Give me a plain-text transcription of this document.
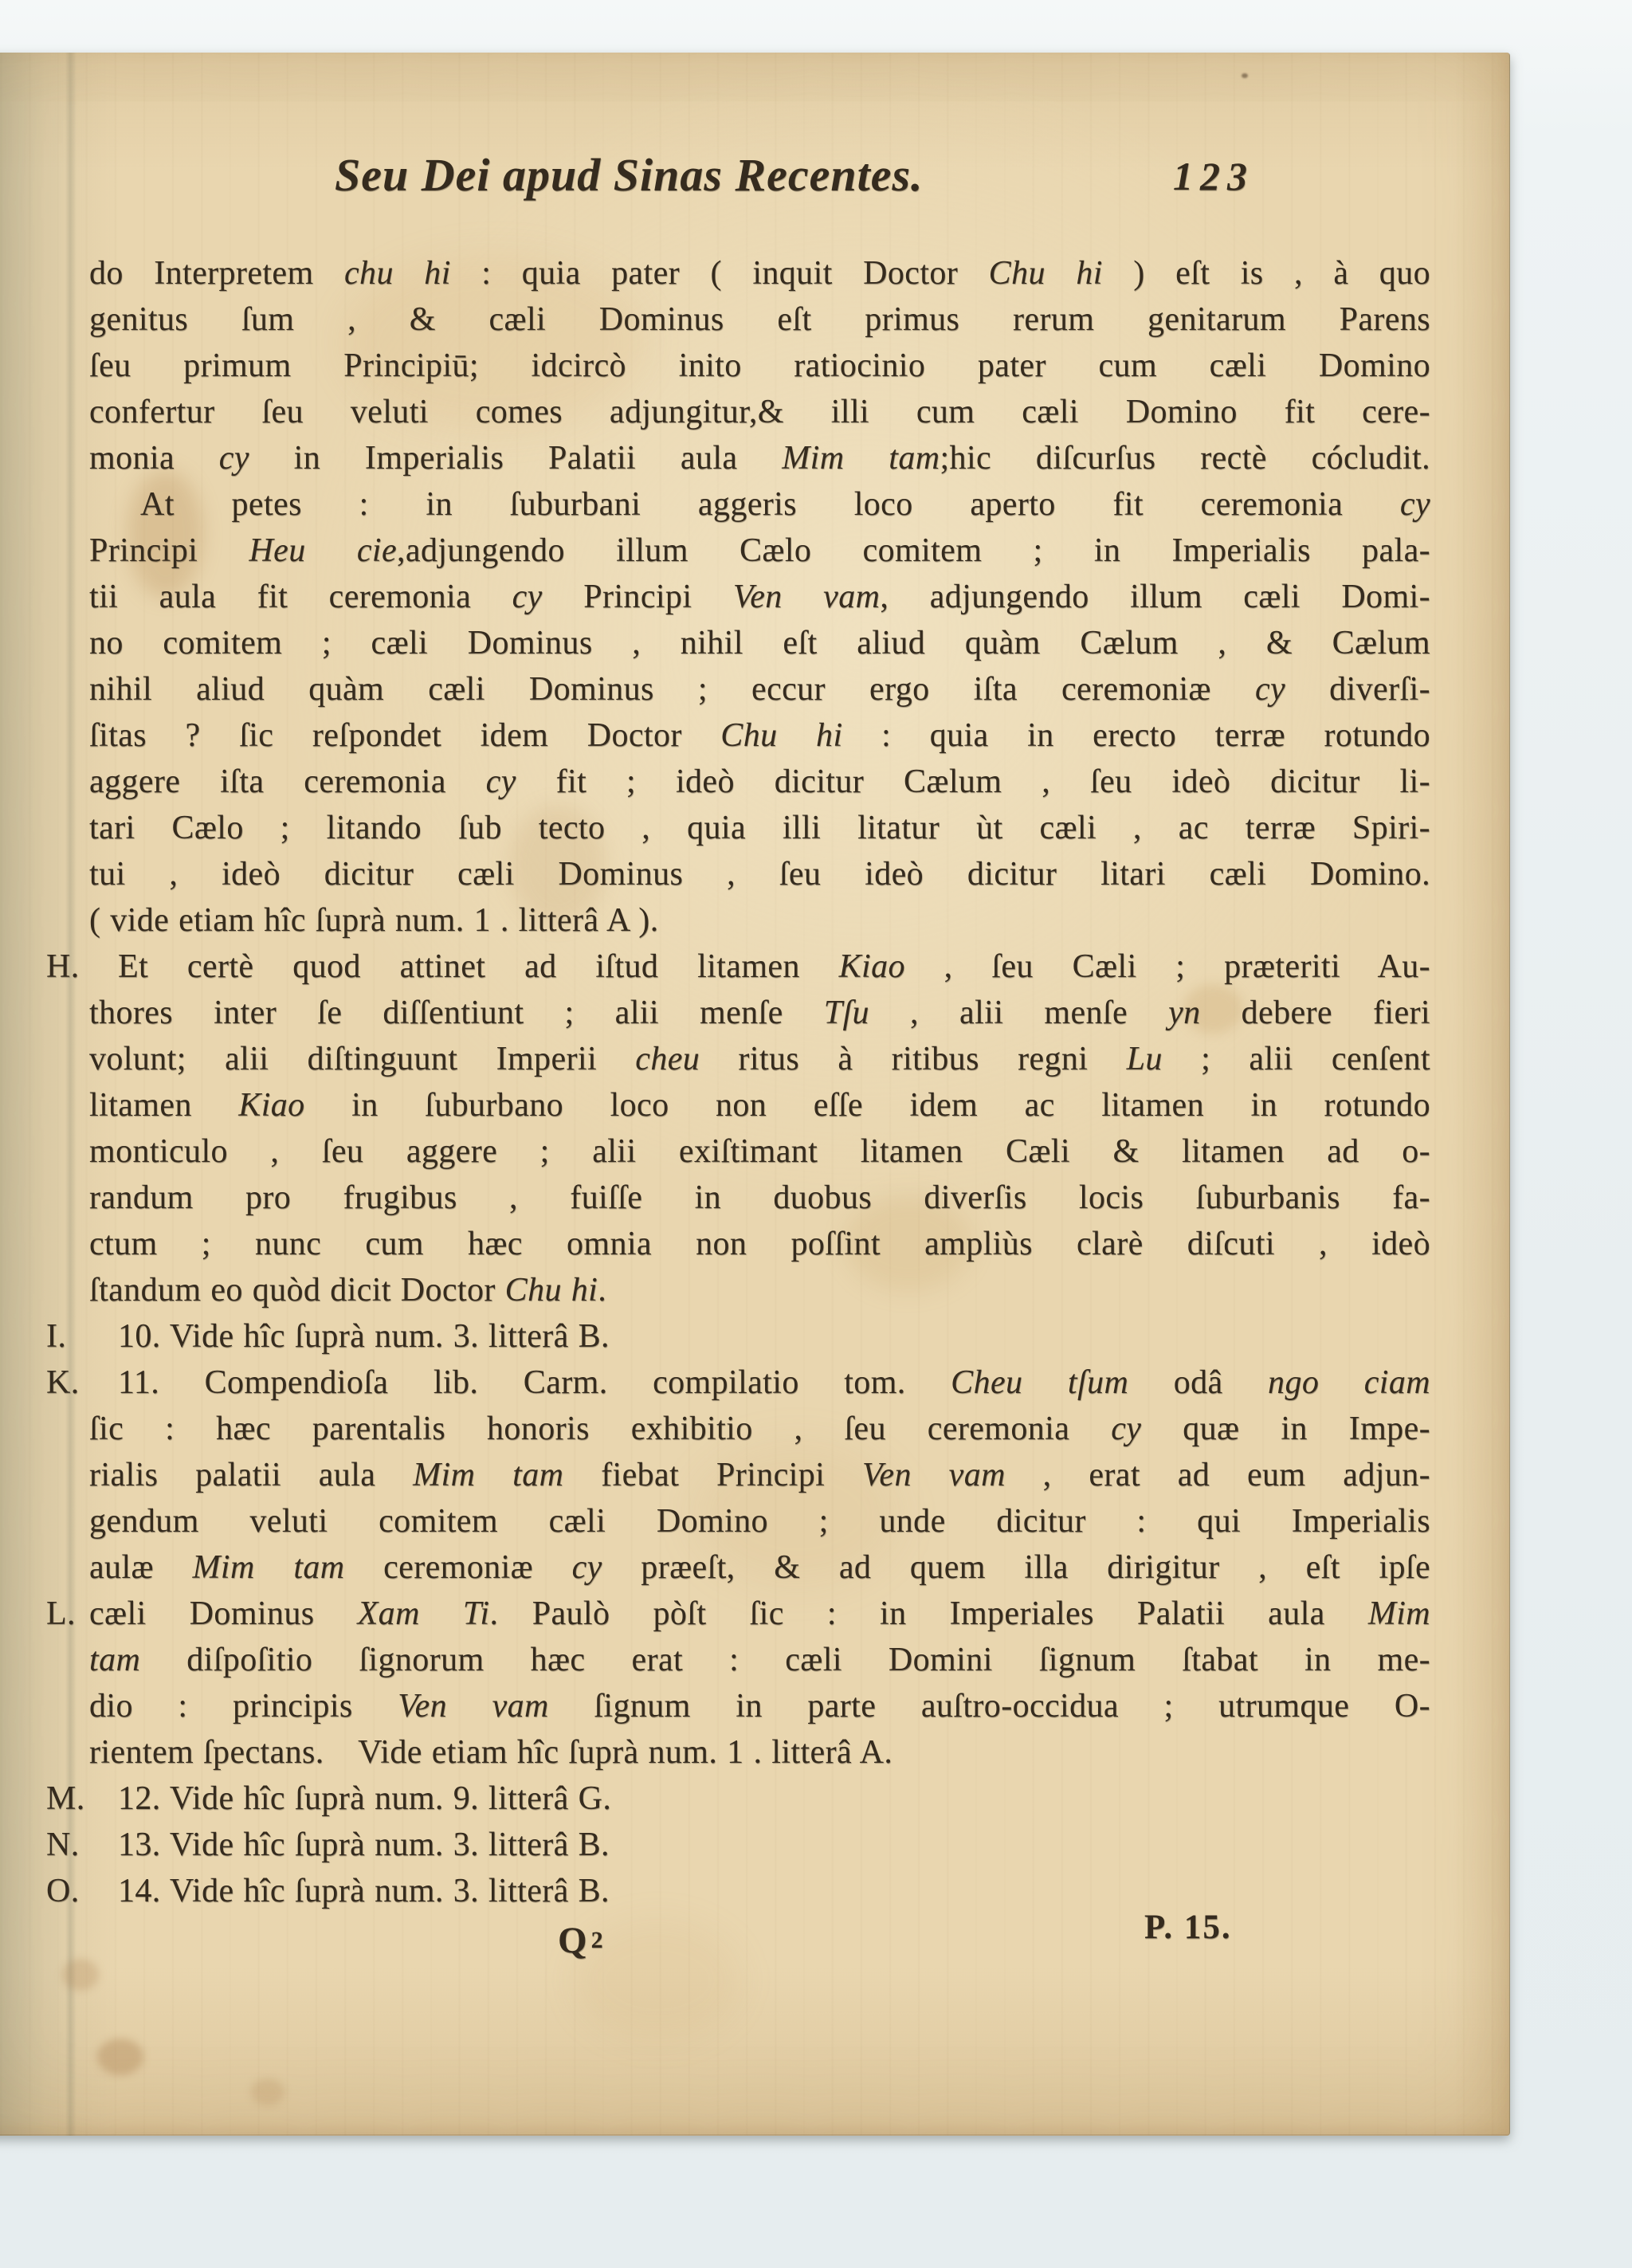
Seu Dei apud Sinas Recentes.	123
do Interpretem chu hi : quia pater ( inquit Doctor Chu hi ) eſt is , à quo
genitus ſum , & cæli Dominus eſt primus rerum genitarum Parens
ſeu primum Principiū; idcircò inito ratiocinio pater cum cæli Domino
confertur ſeu veluti comes adjungitur,& illi cum cæli Domino fit cere-
monia cy in Imperialis Palatii aula Mim tam;hic diſcurſus rectè cócludit.
At petes : in ſuburbani aggeris loco aperto fit ceremonia cy
Principi Heu cie,adjungendo illum Cælo comitem ; in Imperialis pala-
tii aula fit ceremonia cy Principi Ven vam, adjungendo illum cæli Domi-
no comitem ; cæli Dominus , nihil eſt aliud quàm Cælum , & Cælum
nihil aliud quàm cæli Dominus ; eccur ergo iſta ceremoniæ cy diverſi-
ſitas ? ſic reſpondet idem Doctor Chu hi : quia in erecto terræ rotundo
aggere iſta ceremonia cy fit ; ideò dicitur Cælum , ſeu ideò dicitur li-
tari Cælo ; litando ſub tecto , quia illi litatur ùt cæli , ac terræ Spiri-
tui , ideò dicitur cæli Dominus , ſeu ideò dicitur litari cæli Domino.
( vide etiam hîc ſuprà num. 1 . litterâ A ).
H. Et certè quod attinet ad iſtud litamen Kiao , ſeu Cæli ; præteriti Au-
thores inter ſe diſſentiunt ; alii menſe Tſu , alii menſe yn debere fieri
volunt; alii diſtinguunt Imperii cheu ritus à ritibus regni Lu ; alii cenſent
litamen Kiao in ſuburbano loco non eſſe idem ac litamen in rotundo
monticulo , ſeu aggere ; alii exiſtimant litamen Cæli & litamen ad o-
randum pro frugibus , fuiſſe in duobus diverſis locis ſuburbanis fa-
ctum ; nunc cum hæc omnia non poſſint ampliùs clarè diſcuti , ideò
ſtandum eo quòd dicit Doctor Chu hi.
I. 10. Vide hîc ſuprà num. 3. litterâ B.
K. 11. Compendioſa lib. Carm. compilatio tom. Cheu tſum odâ ngo ciam
ſic : hæc parentalis honoris exhibitio , ſeu ceremonia cy quæ in Impe-
rialis palatii aula Mim tam fiebat Principi Ven vam , erat ad eum adjun-
gendum veluti comitem cæli Domino ; unde dicitur : qui Imperialis
aulæ Mim tam ceremoniæ cy præeſt, & ad quem illa dirigitur , eſt ipſe
L. cæli Dominus Xam Ti. Paulò pòſt ſic : in Imperiales Palatii aula Mim
tam diſpoſitio ſignorum hæc erat : cæli Domini ſignum ſtabat in me-
dio : principis Ven vam ſignum in parte auſtro-occidua ; utrumque O-
rientem ſpectans. Vide etiam hîc ſuprà num. 1 . litterâ A.
M. 12. Vide hîc ſuprà num. 9. litterâ G.
N. 13. Vide hîc ſuprà num. 3. litterâ B.
O. 14. Vide hîc ſuprà num. 3. litterâ B.
Q 2	P. 15.
